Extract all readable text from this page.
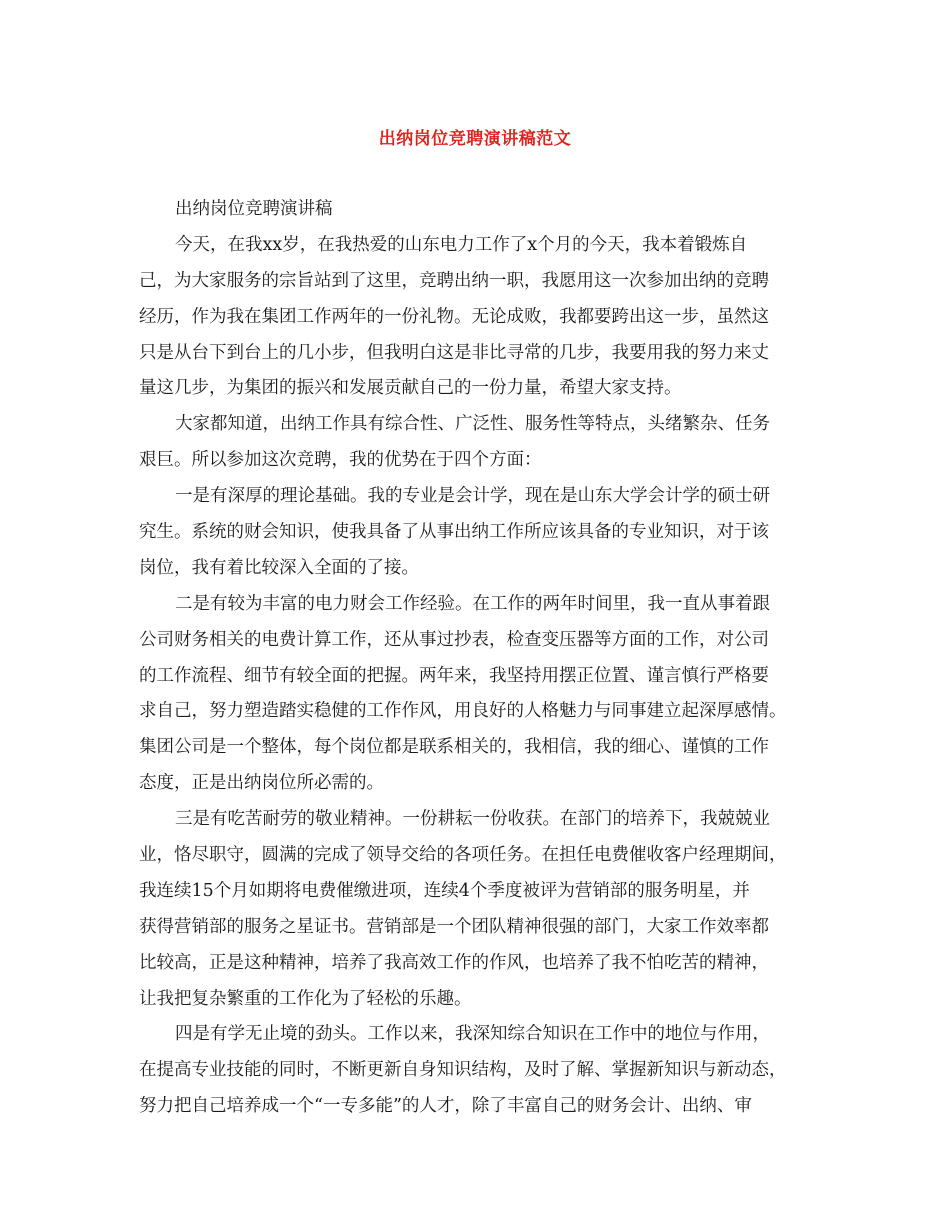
出纳岗位竞聘演讲稿范文
出纳岗位竞聘演讲稿
今天，在我xx岁，在我热爱的山东电力工作了x个月的今天，我本着锻炼自
己，为大家服务的宗旨站到了这里，竞聘出纳一职，我愿用这一次参加出纳的竞聘
经历，作为我在集团工作两年的一份礼物。无论成败，我都要跨出这一步，虽然这
只是从台下到台上的几小步，但我明白这是非比寻常的几步，我要用我的努力来丈
量这几步，为集团的振兴和发展贡献自己的一份力量，希望大家支持。
大家都知道，出纳工作具有综合性、广泛性、服务性等特点，头绪繁杂、任务
艰巨。所以参加这次竞聘，我的优势在于四个方面：
一是有深厚的理论基础。我的专业是会计学，现在是山东大学会计学的硕士研
究生。系统的财会知识，使我具备了从事出纳工作所应该具备的专业知识，对于该
岗位，我有着比较深入全面的了接。
二是有较为丰富的电力财会工作经验。在工作的两年时间里，我一直从事着跟
公司财务相关的电费计算工作，还从事过抄表，检查变压器等方面的工作，对公司
的工作流程、细节有较全面的把握。两年来，我坚持用摆正位置、谨言慎行严格要
求自己，努力塑造踏实稳健的工作作风，用良好的人格魅力与同事建立起深厚感情。
集团公司是一个整体，每个岗位都是联系相关的，我相信，我的细心、谨慎的工作
态度，正是出纳岗位所必需的。
三是有吃苦耐劳的敬业精神。一份耕耘一份收获。在部门的培养下，我兢兢业
业，恪尽职守，圆满的完成了领导交给的各项任务。在担任电费催收客户经理期间，
我连续15个月如期将电费催缴进项，连续4个季度被评为营销部的服务明星，并
获得营销部的服务之星证书。营销部是一个团队精神很强的部门，大家工作效率都
比较高，正是这种精神，培养了我高效工作的作风，也培养了我不怕吃苦的精神，
让我把复杂繁重的工作化为了轻松的乐趣。
四是有学无止境的劲头。工作以来，我深知综合知识在工作中的地位与作用，
在提高专业技能的同时，不断更新自身知识结构，及时了解、掌握新知识与新动态，
努力把自己培养成一个“一专多能”的人才，除了丰富自己的财务会计、出纳、审
